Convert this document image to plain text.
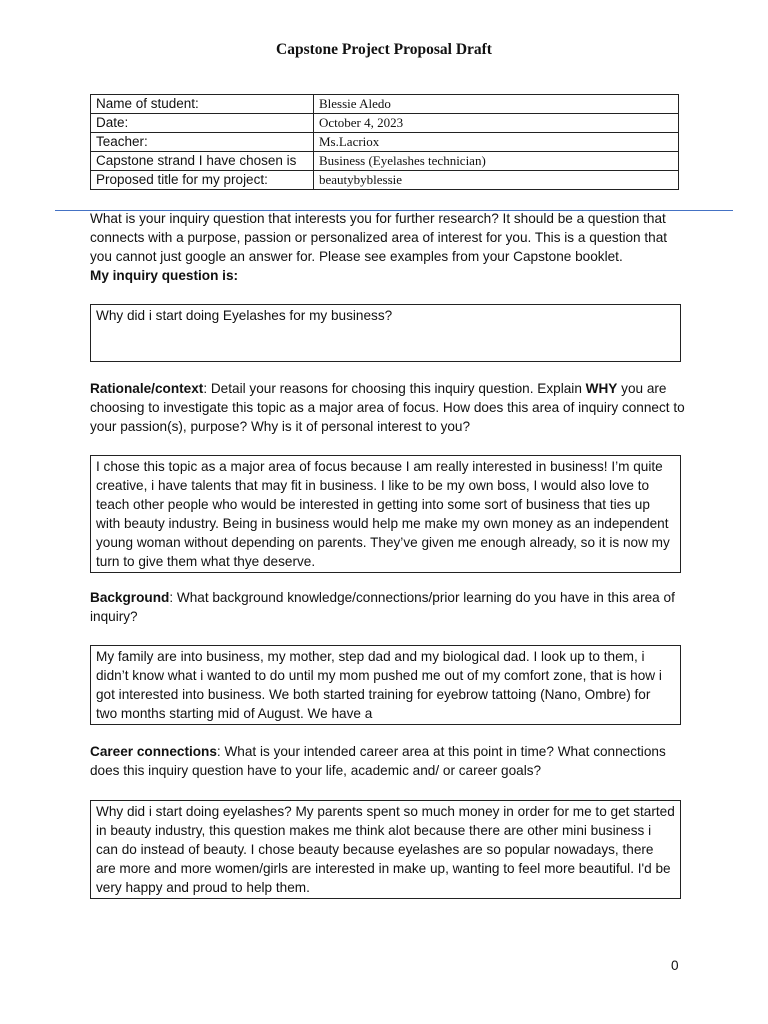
Capstone Project Proposal Draft
Name of student:	Blessie Aledo
Date:	October 4, 2023
Teacher:	Ms.Lacriox
Capstone strand I have chosen is	Business (Eyelashes technician)
Proposed title for my project:	beautybyblessie
What is your inquiry question that interests you for further research? It should be a question that connects with a purpose, passion or personalized area of interest for you. This is a question that you cannot just google an answer for. Please see examples from your Capstone booklet.
My inquiry question is:
Why did i start doing Eyelashes for my business?
Rationale/context: Detail your reasons for choosing this inquiry question. Explain WHY you are choosing to investigate this topic as a major area of focus. How does this area of inquiry connect to your passion(s), purpose? Why is it of personal interest to you?
I chose this topic as a major area of focus because I am really interested in business! I’m quite creative, i have talents that may fit in business. I like to be my own boss, I would also love to teach other people who would be interested in getting into some sort of business that ties up with beauty industry. Being in business would help me make my own money as an independent young woman without depending on parents. They’ve given me enough already, so it is now my turn to give them what thye deserve.
Background: What background knowledge/connections/prior learning do you have in this area of inquiry?
My family are into business, my mother, step dad and my biological dad. I look up to them, i didn’t know what i wanted to do until my mom pushed me out of my comfort zone, that is how i got interested into business. We both started training for eyebrow tattoing (Nano, Ombre) for two months starting mid of August. We have a
Career connections: What is your intended career area at this point in time? What connections does this inquiry question have to your life, academic and/ or career goals?
Why did i start doing eyelashes? My parents spent so much money in order for me to get started in beauty industry, this question makes me think alot because there are other mini business i can do instead of beauty. I chose beauty because eyelashes are so popular nowadays, there are more and more women/girls are interested in make up, wanting to feel more beautiful. I'd be very happy and proud to help them.
0
